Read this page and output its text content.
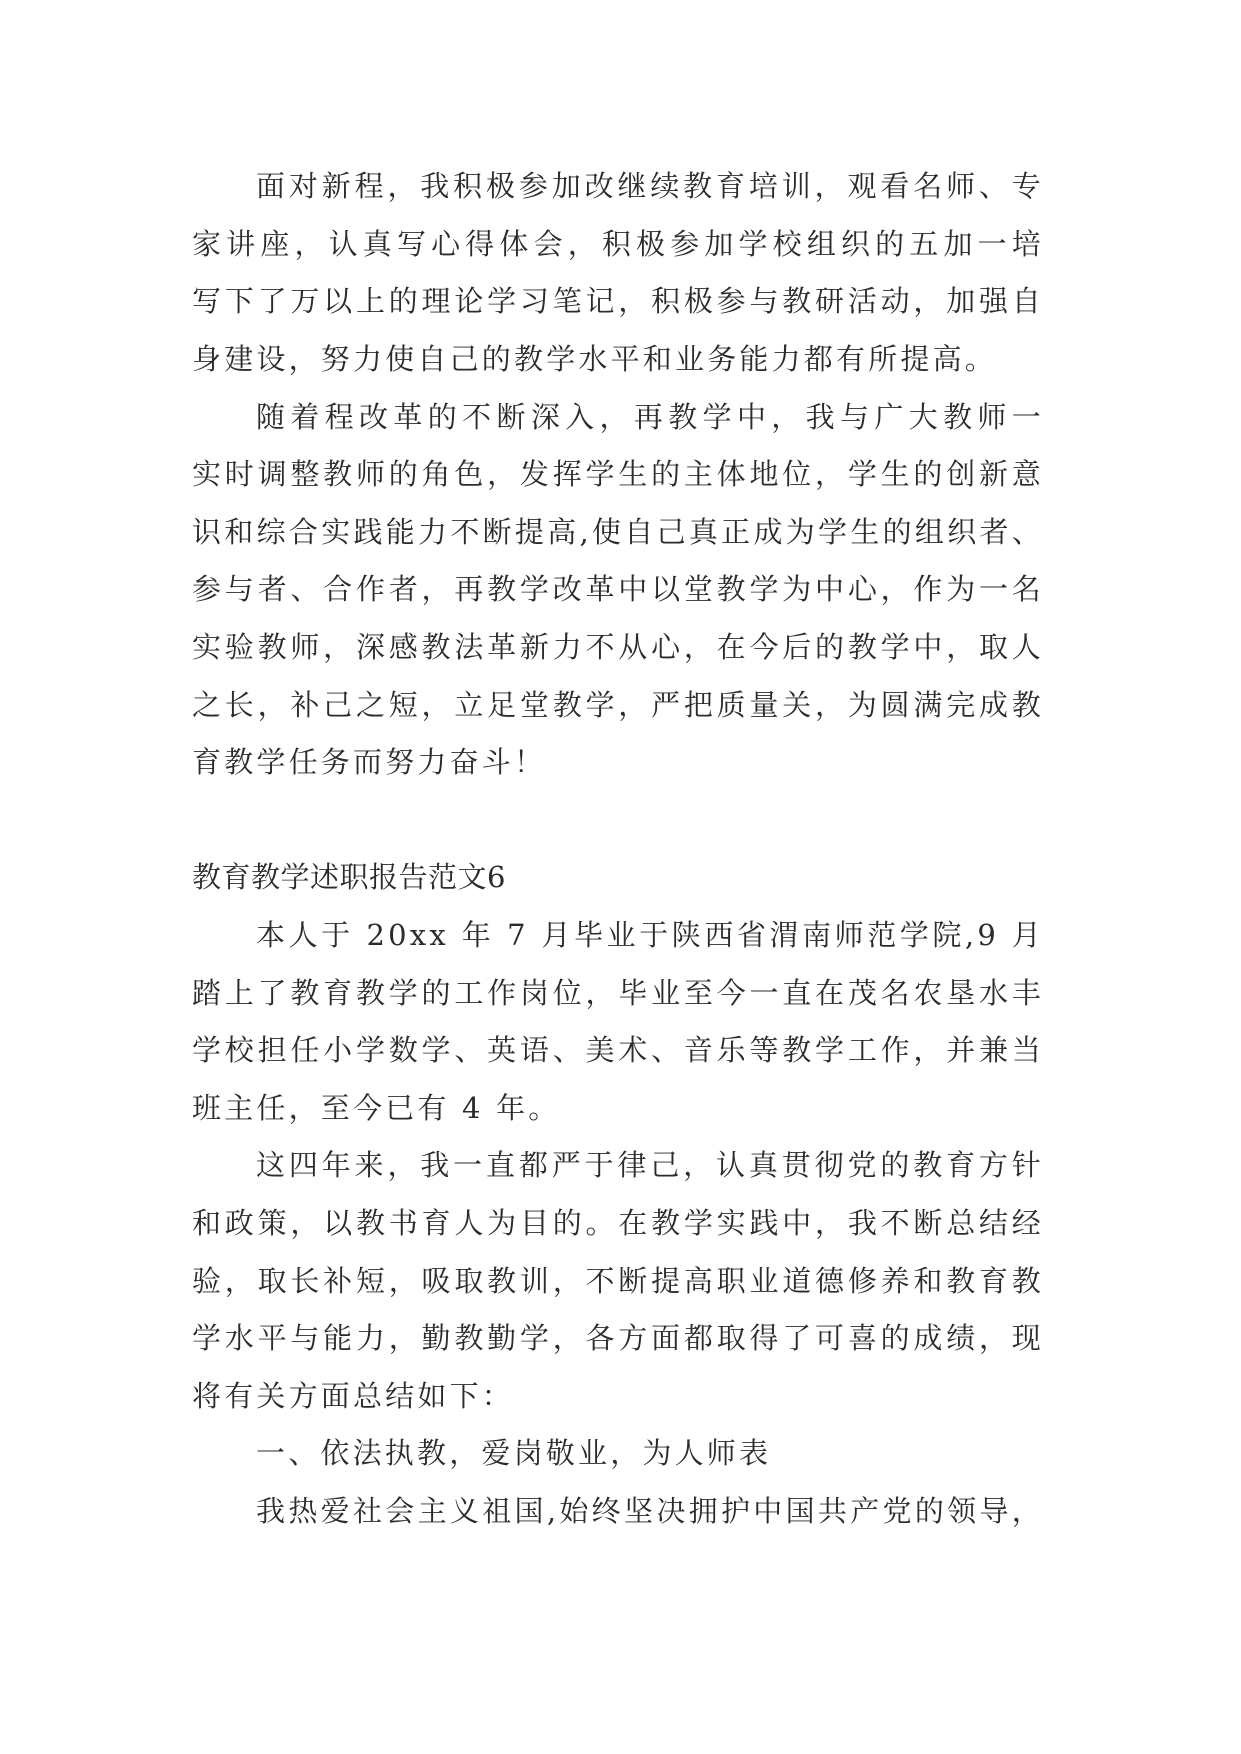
面对新程，我积极参加改继续教育培训，观看名师、专
家讲座，认真写心得体会，积极参加学校组织的五加一培
写下了万以上的理论学习笔记，积极参与教研活动，加强自
身建设，努力使自己的教学水平和业务能力都有所提高。
随着程改革的不断深入，再教学中，我与广大教师一
实时调整教师的角色，发挥学生的主体地位，学生的创新意
识和综合实践能力不断提高,使自己真正成为学生的组织者、
参与者、合作者，再教学改革中以堂教学为中心，作为一名
实验教师，深感教法革新力不从心，在今后的教学中，取人
之长，补己之短，立足堂教学，严把质量关，为圆满完成教
育教学任务而努力奋斗！
教育教学述职报告范文6
本人于 20xx 年 7 月毕业于陕西省渭南师范学院,9 月
踏上了教育教学的工作岗位，毕业至今一直在茂名农垦水丰
学校担任小学数学、英语、美术、音乐等教学工作，并兼当
班主任，至今已有 4 年。
这四年来，我一直都严于律己，认真贯彻党的教育方针
和政策，以教书育人为目的。在教学实践中，我不断总结经
验，取长补短，吸取教训，不断提高职业道德修养和教育教
学水平与能力，勤教勤学，各方面都取得了可喜的成绩，现
将有关方面总结如下：
一、依法执教，爱岗敬业，为人师表
我热爱社会主义祖国,始终坚决拥护中国共产党的领导，
